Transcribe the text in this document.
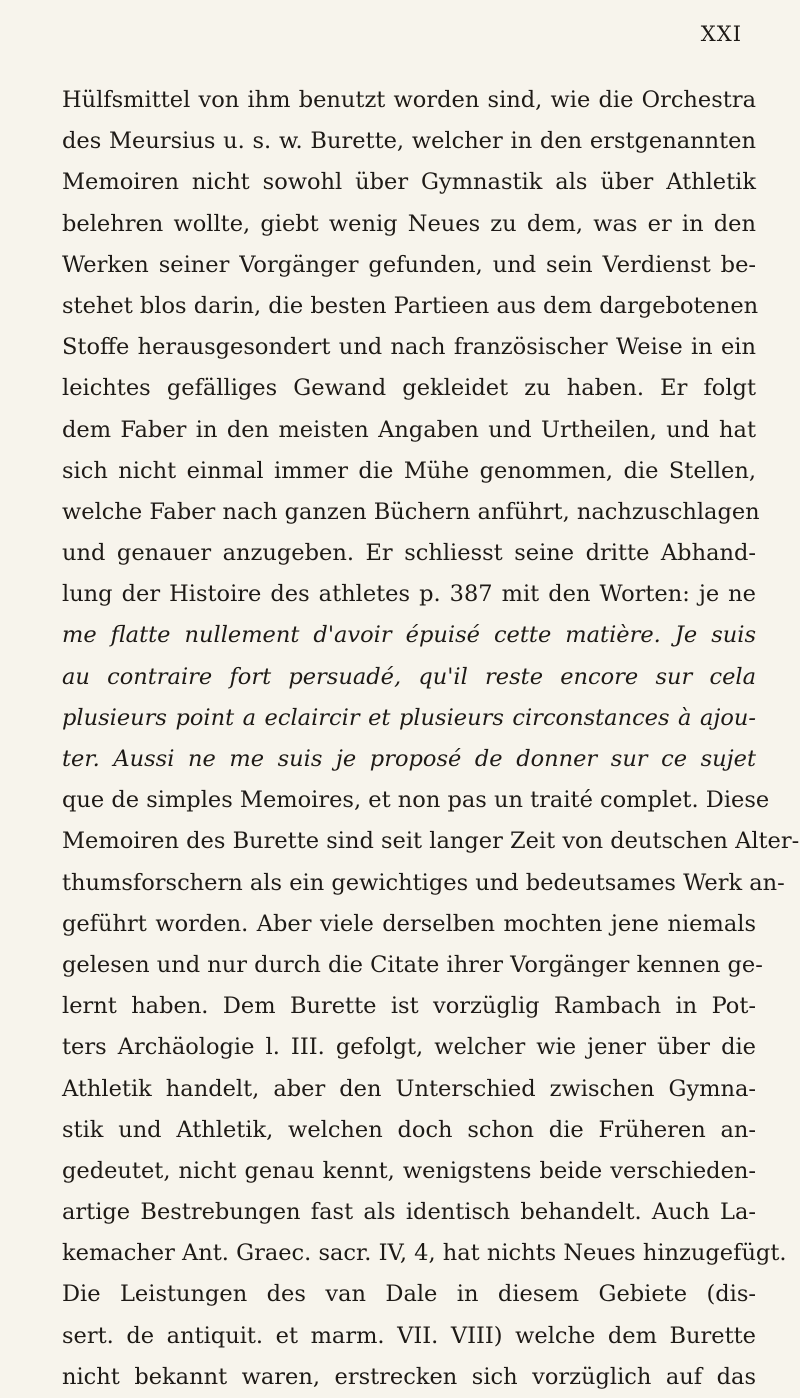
XXI
Hülfsmittel von ihm benutzt worden sind, wie die Orchestra
des Meursius u. s. w. Burette, welcher in den erstgenannten
Memoiren nicht sowohl über Gymnastik als über Athletik
belehren wollte, giebt wenig Neues zu dem, was er in den
Werken seiner Vorgänger gefunden, und sein Verdienst be-
stehet blos darin, die besten Partieen aus dem dargebotenen
Stoffe herausgesondert und nach französischer Weise in ein
leichtes gefälliges Gewand gekleidet zu haben. Er folgt
dem Faber in den meisten Angaben und Urtheilen, und hat
sich nicht einmal immer die Mühe genommen, die Stellen,
welche Faber nach ganzen Büchern anführt, nachzuschlagen
und genauer anzugeben. Er schliesst seine dritte Abhand-
lung der Histoire des athletes p. 387 mit den Worten: je ne
me flatte nullement d'avoir épuisé cette matière. Je suis
au contraire fort persuadé, qu'il reste encore sur cela
plusieurs point a eclaircir et plusieurs circonstances à ajou-
ter. Aussi ne me suis je proposé de donner sur ce sujet
que de simples Memoires, et non pas un traité complet. Diese
Memoiren des Burette sind seit langer Zeit von deutschen Alter-
thumsforschern als ein gewichtiges und bedeutsames Werk an-
geführt worden. Aber viele derselben mochten jene niemals
gelesen und nur durch die Citate ihrer Vorgänger kennen ge-
lernt haben. Dem Burette ist vorzüglig Rambach in Pot-
ters Archäologie l. III. gefolgt, welcher wie jener über die
Athletik handelt, aber den Unterschied zwischen Gymna-
stik und Athletik, welchen doch schon die Früheren an-
gedeutet, nicht genau kennt, wenigstens beide verschieden-
artige Bestrebungen fast als identisch behandelt. Auch La-
kemacher Ant. Graec. sacr. IV, 4, hat nichts Neues hinzugefügt.
Die Leistungen des van Dale in diesem Gebiete (dis-
sert. de antiquit. et marm. VII. VIII) welche dem Burette
nicht bekannt waren, erstrecken sich vorzüglich auf das
